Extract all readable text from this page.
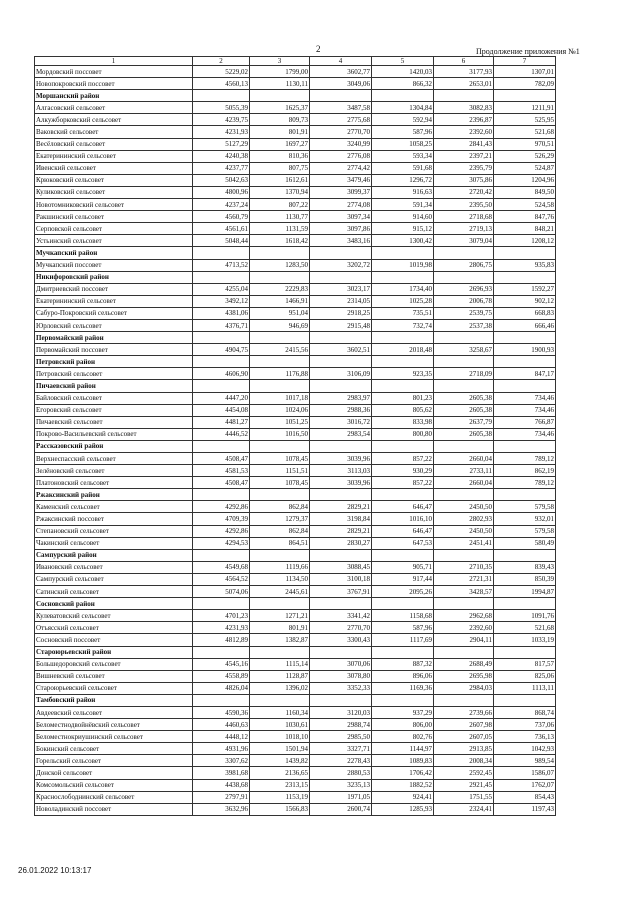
2	Продолжение приложения №1
1	2	3	4	5	6	7
Мордовский поссовет	5229,02	1799,00	3602,77	1420,03	3177,93	1307,01
Новопокровский поссовет	4560,13	1130,11	3049,06	866,32	2653,01	782,09
Моршанский район						
Алгасовский сельсовет	5055,39	1625,37	3487,58	1304,84	3082,83	1211,91
Алкужборковский сельсовет	4239,75	809,73	2775,68	592,94	2396,87	525,95
Ваковский сельсовет	4231,93	801,91	2770,70	587,96	2392,60	521,68
Весёловский сельсовет	5127,29	1697,27	3240,99	1058,25	2841,43	970,51
Екатерининский сельсовет	4240,38	810,36	2776,08	593,34	2397,21	526,29
Ивенский сельсовет	4237,77	807,75	2774,42	591,68	2395,79	524,87
Крюковский сельсовет	5042,63	1612,61	3479,46	1296,72	3075,86	1204,96
Куликовский сельсовет	4800,96	1370,94	3099,37	916,63	2720,42	849,50
Новотомниковский сельсовет	4237,24	807,22	2774,08	591,34	2395,50	524,58
Ракшинский сельсовет	4560,79	1130,77	3097,34	914,60	2718,68	847,76
Серповской сельсовет	4561,61	1131,59	3097,86	915,12	2719,13	848,21
Устьинский сельсовет	5048,44	1618,42	3483,16	1300,42	3079,04	1208,12
Мучкапский район						
Мучкапский поссовет	4713,52	1283,50	3202,72	1019,98	2806,75	935,83
Никифоровский район						
Дмитриевский поссовет	4255,04	2229,83	3023,17	1734,40	2696,93	1592,27
Екатерининский сельсовет	3492,12	1466,91	2314,05	1025,28	2006,78	902,12
Сабуро-Покровский сельсовет	4381,06	951,04	2918,25	735,51	2539,75	668,83
Юрловский сельсовет	4376,71	946,69	2915,48	732,74	2537,38	666,46
Первомайский район						
Первомайский поссовет	4904,75	2415,56	3602,51	2018,48	3258,67	1900,93
Петровский район						
Петровский сельсовет	4606,90	1176,88	3106,09	923,35	2718,09	847,17
Пичаевский район						
Байловский сельсовет	4447,20	1017,18	2983,97	801,23	2605,38	734,46
Егоровский сельсовет	4454,08	1024,06	2988,36	805,62	2605,38	734,46
Пичаевский сельсовет	4481,27	1051,25	3016,72	833,98	2637,79	766,87
Покрово-Васильевский сельсовет	4446,52	1016,50	2983,54	800,80	2605,38	734,46
Рассказовский район						
Верхнеспасский сельсовет	4508,47	1078,45	3039,96	857,22	2660,04	789,12
Зелёновский сельсовет	4581,53	1151,51	3113,03	930,29	2733,11	862,19
Платоновский сельсовет	4508,47	1078,45	3039,96	857,22	2660,04	789,12
Ржаксинский район						
Каменский сельсовет	4292,86	862,84	2829,21	646,47	2450,50	579,58
Ржаксинский поссовет	4709,39	1279,37	3198,84	1016,10	2802,93	932,01
Степановский сельсовет	4292,86	862,84	2829,21	646,47	2450,50	579,58
Чакинский сельсовет	4294,53	864,51	2830,27	647,53	2451,41	580,49
Сампурский район						
Ивановский сельсовет	4549,68	1119,66	3088,45	905,71	2710,35	839,43
Сампурский сельсовет	4564,52	1134,50	3100,18	917,44	2721,31	850,39
Сатинский сельсовет	5074,06	2445,61	3767,91	2095,26	3428,57	1994,87
Сосновский район						
Кулеватовский сельсовет	4701,23	1271,21	3341,42	1158,68	2962,68	1091,76
Отъясский сельсовет	4231,93	801,91	2770,70	587,96	2392,60	521,68
Сосновский поссовет	4812,89	1382,87	3300,43	1117,69	2904,11	1033,19
Староюрьевский район						
Большедоровский сельсовет	4545,16	1115,14	3070,06	887,32	2688,49	817,57
Вишневский сельсовет	4558,89	1128,87	3078,80	896,06	2695,98	825,06
Староюрьевский сельсовет	4826,04	1396,02	3352,33	1169,36	2984,03	1113,11
Тамбовский район						
Авдеевский сельсовет	4590,36	1160,34	3120,03	937,29	2739,66	868,74
Беломестнодвойнёвский сельсовет	4460,63	1030,61	2988,74	806,00	2607,98	737,06
Беломестнокриушинский сельсовет	4448,12	1018,10	2985,50	802,76	2607,05	736,13
Бокинский сельсовет	4931,96	1501,94	3327,71	1144,97	2913,85	1042,93
Горельский сельсовет	3307,62	1439,82	2278,43	1089,83	2008,34	989,54
Донской сельсовет	3981,68	2136,65	2880,53	1706,42	2592,45	1586,07
Комсомольский сельсовет	4438,68	2313,15	3235,13	1882,52	2921,45	1762,07
Краснослободнинский сельсовет	2797,91	1153,19	1971,05	924,41	1751,55	854,43
Новоладинский поссовет	3632,96	1566,83	2600,74	1285,93	2324,41	1197,43
26.01.2022 10:13:17
